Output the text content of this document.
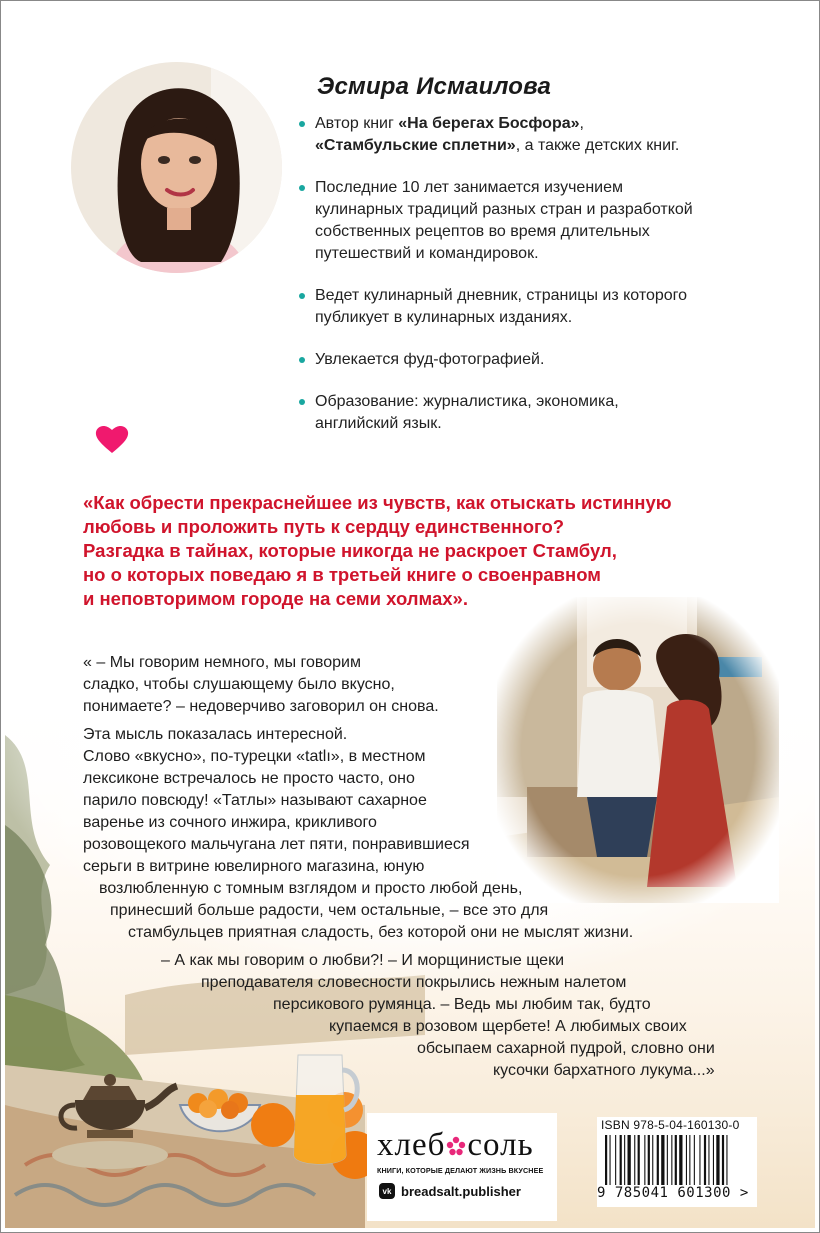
Эсмира Исмаилова
Автор книг «На берегах Босфора»,
«Стамбульские сплетни», а также детских книг.
Последние 10 лет занимается изучением
кулинарных традиций разных стран и разработкой
собственных рецептов во время длительных
путешествий и командировок.
Ведет кулинарный дневник, страницы из которого
публикует в кулинарных изданиях.
Увлекается фуд-фотографией.
Образование: журналистика, экономика,
английский язык.

«Как обрести прекраснейшее из чувств, как отыскать истинную
любовь и проложить путь к сердцу единственного?
Разгадка в тайнах, которые никогда не раскроет Стамбул,
но о которых поведаю я в третьей книге о своенравном
и неповторимом городе на семи холмах».

« – Мы говорим немного, мы говорим
сладко, чтобы слушающему было вкусно,
понимаете? – недоверчиво заговорил он снова.
Эта мысль показалась интересной.
Слово «вкусно», по-турецки «tatlı», в местном
лексиконе встречалось не просто часто, оно
парило повсюду! «Татлы» называют сахарное
варенье из сочного инжира, крикливого
розовощекого мальчугана лет пяти, понравившиеся
серьги в витрине ювелирного магазина, юную
возлюбленную с томным взглядом и просто любой день,
принесший больше радости, чем остальные, – все это для
стамбульцев приятная сладость, без которой они не мыслят жизни.
– А как мы говорим о любви?! – И морщинистые щеки
преподавателя словесности покрылись нежным налетом
персикового румянца. – Ведь мы любим так, будто
купаемся в розовом щербете! А любимых своих
обсыпаем сахарной пудрой, словно они
кусочки бархатного лукума...»
хлеб соль
КНИГИ, КОТОРЫЕ ДЕЛАЮТ ЖИЗНЬ ВКУСНЕЕ
vk breadsalt.publisher
ISBN 978-5-04-160130-0
9 785041 601300 >
